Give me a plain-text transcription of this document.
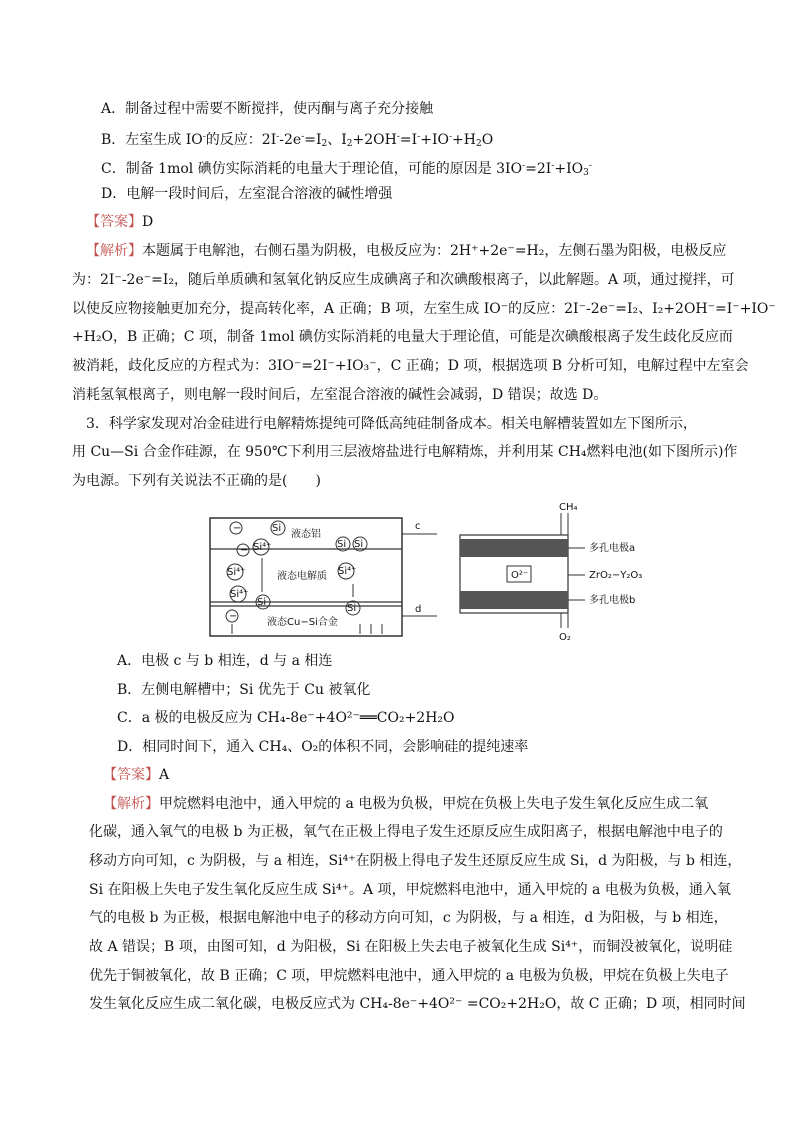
A．制备过程中需要不断搅拌，使丙酮与离子充分接触
B．左室生成 IO-的反应：$2I^--2e^-=I_2$、$I_2+2OH^-=I^-+IO^-+H_2O$
C．制备 1mol 碘仿实际消耗的电量大于理论值，可能的原因是 $3IO^-=2I^-+IO_3^-$
D．电解一段时间后，左室混合溶液的碱性增强
【答案】D
【解析】本题属于电解池，右侧石墨为阴极，电极反应为：2H⁺+2e⁻=H₂，左侧石墨为阳极，电极反应
为：2I⁻-2e⁻=I₂，随后单质碘和氢氧化钠反应生成碘离子和次碘酸根离子，以此解题。A 项，通过搅拌，可
以使反应物接触更加充分，提高转化率，A 正确；B 项，左室生成 IO⁻的反应：2I⁻-2e⁻=I₂、I₂+2OH⁻=I⁻+IO⁻
+H₂O，B 正确；C 项，制备 1mol 碘仿实际消耗的电量大于理论值，可能是次碘酸根离子发生歧化反应而
被消耗，歧化反应的方程式为：3IO⁻=2I⁻+IO₃⁻，C 正确；D 项，根据选项 B 分析可知，电解过程中左室会
消耗氢氧根离子，则电解一段时间后，左室混合溶液的碱性会减弱，D 错误；故选 D。
3．科学家发现对冶金硅进行电解精炼提纯可降低高纯硅制备成本。相关电解槽装置如左下图所示，
用 Cu—Si 合金作硅源，在 950℃下利用三层液熔盐进行电解精炼，并利用某 CH₄燃料电池(如下图所示)作
为电源。下列有关说法不正确的是(　　)
c
d
液态铝
液态电解质
液态Cu−Si合金
−	Si
Si⁴⁺
−
Si Si
Si⁴⁺	Si⁴⁺
Si⁴⁺
Si
Si
−
CH₄
O²⁻
多孔电极a
ZrO₂−Y₂O₃
多孔电极b
O₂
A．电极 c 与 b 相连，d 与 a 相连
B．左侧电解槽中；Si 优先于 Cu 被氧化
C．a 极的电极反应为 CH₄-8e⁻+4O²⁻══CO₂+2H₂O
D．相同时间下，通入 CH₄、O₂的体积不同，会影响硅的提纯速率
【答案】A
【解析】甲烷燃料电池中，通入甲烷的 a 电极为负极，甲烷在负极上失电子发生氧化反应生成二氧
化碳，通入氧气的电极 b 为正极，氧气在正极上得电子发生还原反应生成阳离子，根据电解池中电子的
移动方向可知，c 为阴极，与 a 相连，Si⁴⁺在阴极上得电子发生还原反应生成 Si，d 为阳极，与 b 相连，
Si 在阳极上失电子发生氧化反应生成 Si⁴⁺。A 项，甲烷燃料电池中，通入甲烷的 a 电极为负极，通入氧
气的电极 b 为正极，根据电解池中电子的移动方向可知，c 为阴极，与 a 相连，d 为阳极，与 b 相连，
故 A 错误；B 项，由图可知，d 为阳极，Si 在阳极上失去电子被氧化生成 Si⁴⁺，而铜没被氧化，说明硅
优先于铜被氧化，故 B 正确；C 项，甲烷燃料电池中，通入甲烷的 a 电极为负极，甲烷在负极上失电子
发生氧化反应生成二氧化碳，电极反应式为 CH₄-8e⁻+4O²⁻ =CO₂+2H₂O，故 C 正确；D 项，相同时间
